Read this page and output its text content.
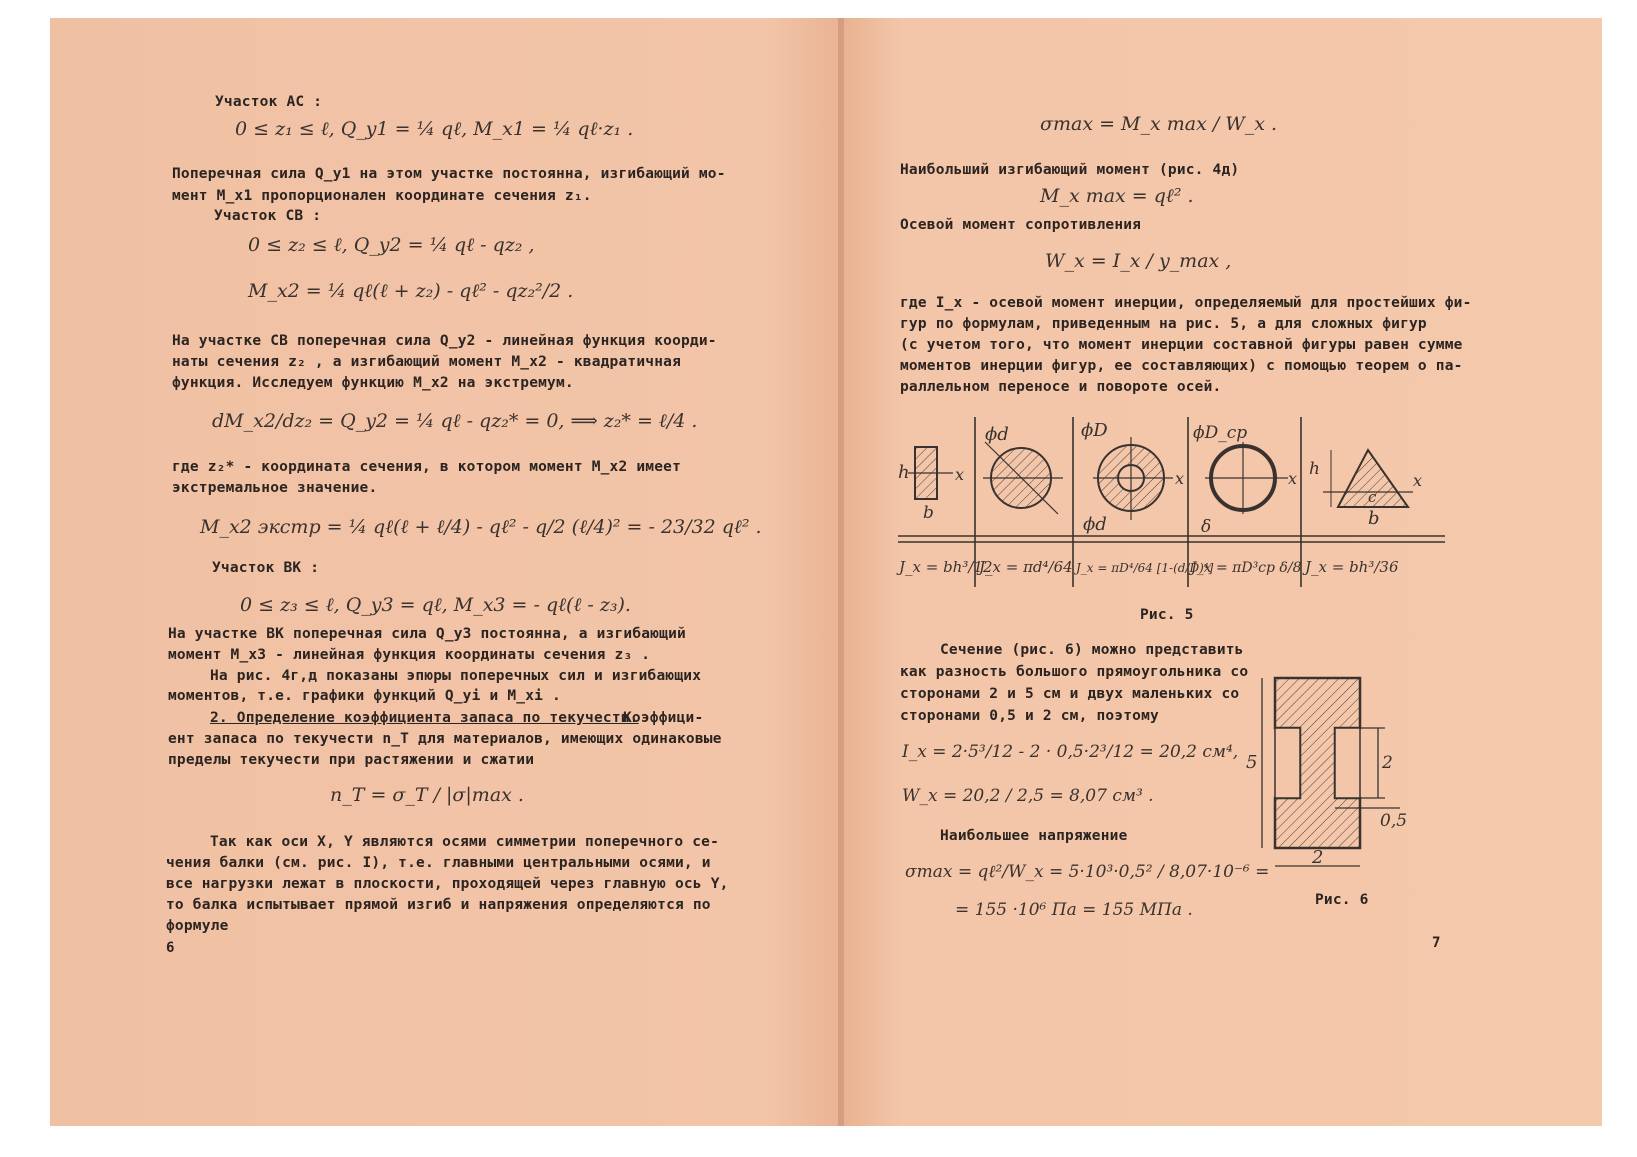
Участок AC :
0 ≤ z₁ ≤ ℓ, Q_y1 = ¼ qℓ, M_x1 = ¼ qℓ·z₁ .
Поперечная сила Q_y1 на этом участке постоянна, изгибающий мо-
мент M_x1 пропорционален координате сечения z₁.
Участок CB :
0 ≤ z₂ ≤ ℓ, Q_y2 = ¼ qℓ - qz₂ ,
M_x2 = ¼ qℓ(ℓ + z₂) - qℓ² - qz₂²/2 .
На участке CB поперечная сила Q_y2 - линейная функция коорди-
наты сечения z₂ , а изгибающий момент M_x2 - квадратичная
функция. Исследуем функцию M_x2 на экстремум.
dM_x2/dz₂ = Q_y2 = ¼ qℓ - qz₂* = 0, ⟹ z₂* = ℓ/4 .
где z₂* - координата сечения, в котором момент M_x2 имеет
экстремальное значение.
M_x2 экстр = ¼ qℓ(ℓ + ℓ/4) - qℓ² - q/2 (ℓ/4)² = - 23/32 qℓ² .
Участок BK :
0 ≤ z₃ ≤ ℓ, Q_y3 = qℓ, M_x3 = - qℓ(ℓ - z₃).
На участке BK поперечная сила Q_y3 постоянна, а изгибающий
момент M_x3 - линейная функция координаты сечения z₃ .
На рис. 4г,д показаны эпюры поперечных сил и изгибающих
моментов, т.е. графики функций Q_yi и M_xi .
2. Определение коэффициента запаса по текучести.
Коэффици-
ент запаса по текучести n_T для материалов, имеющих одинаковые
пределы текучести при растяжении и сжатии
n_T = σ_T / |σ|max .
Так как оси X, Y являются осями симметрии поперечного се-
чения балки (см. рис. I), т.е. главными центральными осями, и
все нагрузки лежат в плоскости, проходящей через главную ось Y,
то балка испытывает прямой изгиб и напряжения определяются по
формуле
6
σmax = M_x max / W_x .
Наибольший изгибающий момент (рис. 4д)
M_x max = qℓ² .
Осевой момент сопротивления
W_x = I_x / y_max ,
где I_x - осевой момент инерции, определяемый для простейших фи-
гур по формулам, приведенным на рис. 5, а для сложных фигур
(с учетом того, что момент инерции составной фигуры равен сумме
моментов инерции фигур, ее составляющих) с помощью теорем о па-
раллельном переносе и повороте осей.
h	x
b
ϕd	ϕD
ϕd
x
ϕD_cp
δ
x h
c
b
x
J_x = bh³/12
J_x = πd⁴/64 J_x = πD⁴/64 [1-(d/D)⁴]
J_x = πD³cp δ/8 J_x = bh³/36
Рис. 5
Сечение (рис. 6) можно представить
как разность большого прямоугольника со
сторонами 2 и 5 см и двух маленьких со
сторонами 0,5 и 2 см, поэтому
I_x = 2·5³/12 - 2 · 0,5·2³/12 = 20,2 см⁴,
W_x = 20,2 / 2,5 = 8,07 см³ .
Наибольшее напряжение
σmax = qℓ²/W_x = 5·10³·0,5² / 8,07·10⁻⁶ =
= 155 ·10⁶ Па = 155 МПа .
5	2
0,5
2
Рис. 6
7
